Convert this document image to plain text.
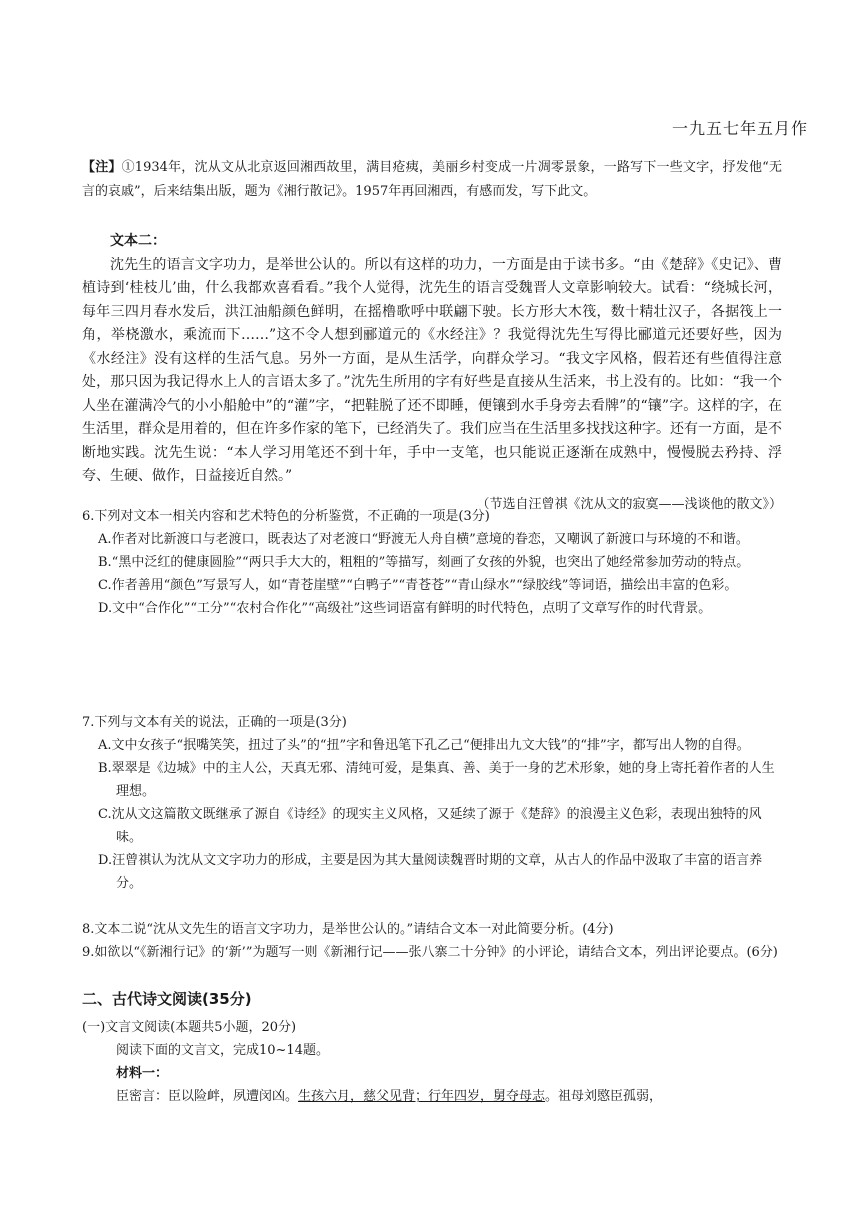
一九五七年五月作
【注】①1934年，沈从文从北京返回湘西故里，满目疮痍，美丽乡村变成一片凋零景象，一路写下一些文字，抒发他“无言的哀戚”，后来结集出版，题为《湘行散记》。1957年再回湘西，有感而发，写下此文。
文本二：

沈先生的语言文字功力，是举世公认的。所以有这样的功力，一方面是由于读书多。“由《楚辞》《史记》、曹植诗到‘桂枝儿’曲，什么我都欢喜看看。”我个人觉得，沈先生的语言受魏晋人文章影响较大。试看：“绕城长河，每年三四月春水发后，洪江油船颜色鲜明，在摇橹歌呼中联翩下驶。长方形大木筏，数十精壮汉子，各据筏上一角，举桡激水，乘流而下……”这不令人想到郦道元的《水经注》？我觉得沈先生写得比郦道元还要好些，因为《水经注》没有这样的生活气息。另外一方面，是从生活学，向群众学习。“我文字风格，假若还有些值得注意处，那只因为我记得水上人的言语太多了。”沈先生所用的字有好些是直接从生活来，书上没有的。比如：“我一个人坐在灌满冷气的小小船舱中”的“灌”字，“把鞋脱了还不即睡，便镶到水手身旁去看牌”的“镶”字。这样的字，在生活里，群众是用着的，但在许多作家的笔下，已经消失了。我们应当在生活里多找找这种字。还有一方面，是不断地实践。沈先生说：“本人学习用笔还不到十年，手中一支笔，也只能说正逐渐在成熟中，慢慢脱去矜持、浮夸、生硬、做作，日益接近自然。”

（节选自汪曾祺《沈从文的寂寞——浅谈他的散文》）

6.下列对文本一相关内容和艺术特色的分析鉴赏，不正确的一项是(3分)

A.作者对比新渡口与老渡口，既表达了对老渡口“野渡无人舟自横”意境的眷恋，又嘲讽了新渡口与环境的不和谐。

B.“黑中泛红的健康圆脸”“两只手大大的，粗粗的”等描写，刻画了女孩的外貌，也突出了她经常参加劳动的特点。

C.作者善用“颜色”写景写人，如“青苍崖壁”“白鸭子”“青苍苍”“青山绿水”“绿胶线”等词语，描绘出丰富的色彩。

D.文中“合作化”“工分”“农村合作化”“高级社”这些词语富有鲜明的时代特色，点明了文章写作的时代背景。

7.下列与文本有关的说法，正确的一项是(3分)

A.文中女孩子“抿嘴笑笑，扭过了头”的“扭”字和鲁迅笔下孔乙己“便排出九文大钱”的“排”字，都写出人物的自得。

B.翠翠是《边城》中的主人公，天真无邪、清纯可爱，是集真、善、美于一身的艺术形象，她的身上寄托着作者的人生理想。

C.沈从文这篇散文既继承了源自《诗经》的现实主义风格，又延续了源于《楚辞》的浪漫主义色彩，表现出独特的风味。

D.汪曾祺认为沈从文文字功力的形成，主要是因为其大量阅读魏晋时期的文章，从古人的作品中汲取了丰富的语言养分。

8.文本二说“沈从文先生的语言文字功力，是举世公认的。”请结合文本一对此简要分析。(4分)

9.如欲以“《新湘行记》的‘新’”为题写一则《新湘行记——张八寨二十分钟》的小评论，请结合文本，列出评论要点。(6分)

二、古代诗文阅读(35分)

(一)文言文阅读(本题共5小题，20分)

阅读下面的文言文，完成10~14题。

材料一：

臣密言：臣以险衅，夙遭闵凶。生孩六月，慈父见背；行年四岁，舅夺母志。祖母刘愍臣孤弱，
